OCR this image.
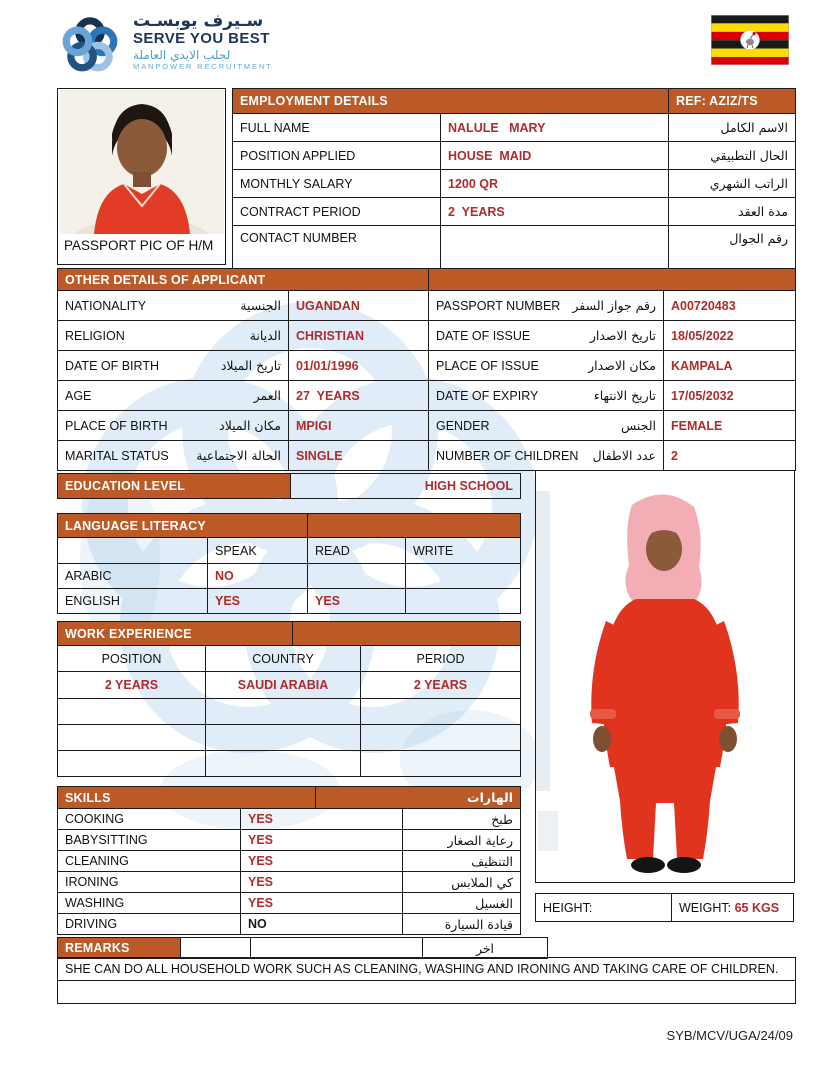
سـيرف يوبسـت
SERVE YOU BEST
لجلب الايدي العاملة
MANPOWER RECRUITMENT
PASSPORT PIC OF H/M
EMPLOYMENT DETAILS		REF: AZIZ/TS
FULL NAME	NALULE   MARY	الاسم الكامل
POSITION APPLIED	HOUSE  MAID	الحال التطبيقي
MONTHLY SALARY	1200 QR	الراتب الشهري
CONTRACT PERIOD	2  YEARS	مدة العقد
CONTACT NUMBER		رقم الجوال
OTHER DETAILS OF APPLICANT			

NATIONALITY الجنسية	UGANDAN	PASSPORT NUMBER رقم جواز السفر	A00720483

RELIGION الديانة	CHRISTIAN	DATE OF ISSUE تاريخ الاصدار	18/05/2022

DATE OF BIRTH تاريخ الميلاد	01/01/1996	PLACE OF ISSUE مكان الاصدار	KAMPALA

AGE العمر	27  YEARS	DATE OF EXPIRY تاريخ الانتهاء	17/05/2032

PLACE OF BIRTH مكان الميلاد	MPIGI	GENDER الجنس	FEMALE

MARITAL STATUS الحالة الاجتماعية	SINGLE	NUMBER OF CHILDREN عدد الاطفال	2
EDUCATION LEVEL	HIGH SCHOOL
LANGUAGE LITERACY			
	SPEAK	READ	WRITE
ARABIC	NO		
ENGLISH	YES	YES	
WORK EXPERIENCE			
POSITION	COUNTRY		PERIOD
2 YEARS	SAUDI ARABIA		2 YEARS

SKILLS		الهارات	
COOKING	YES		طبخ
BABYSITTING	YES		رعاية الصغار
CLEANING	YES		التنظيف
IRONING	YES		كي الملابس
WASHING	YES		الغسيل
DRIVING	NO		قيادة السيارة
HEIGHT:	WEIGHT: 65 KGS
REMARKS			اخر
SHE CAN DO ALL HOUSEHOLD WORK SUCH AS CLEANING, WASHING AND IRONING AND TAKING CARE OF CHILDREN.

SYB/MCV/UGA/24/09
